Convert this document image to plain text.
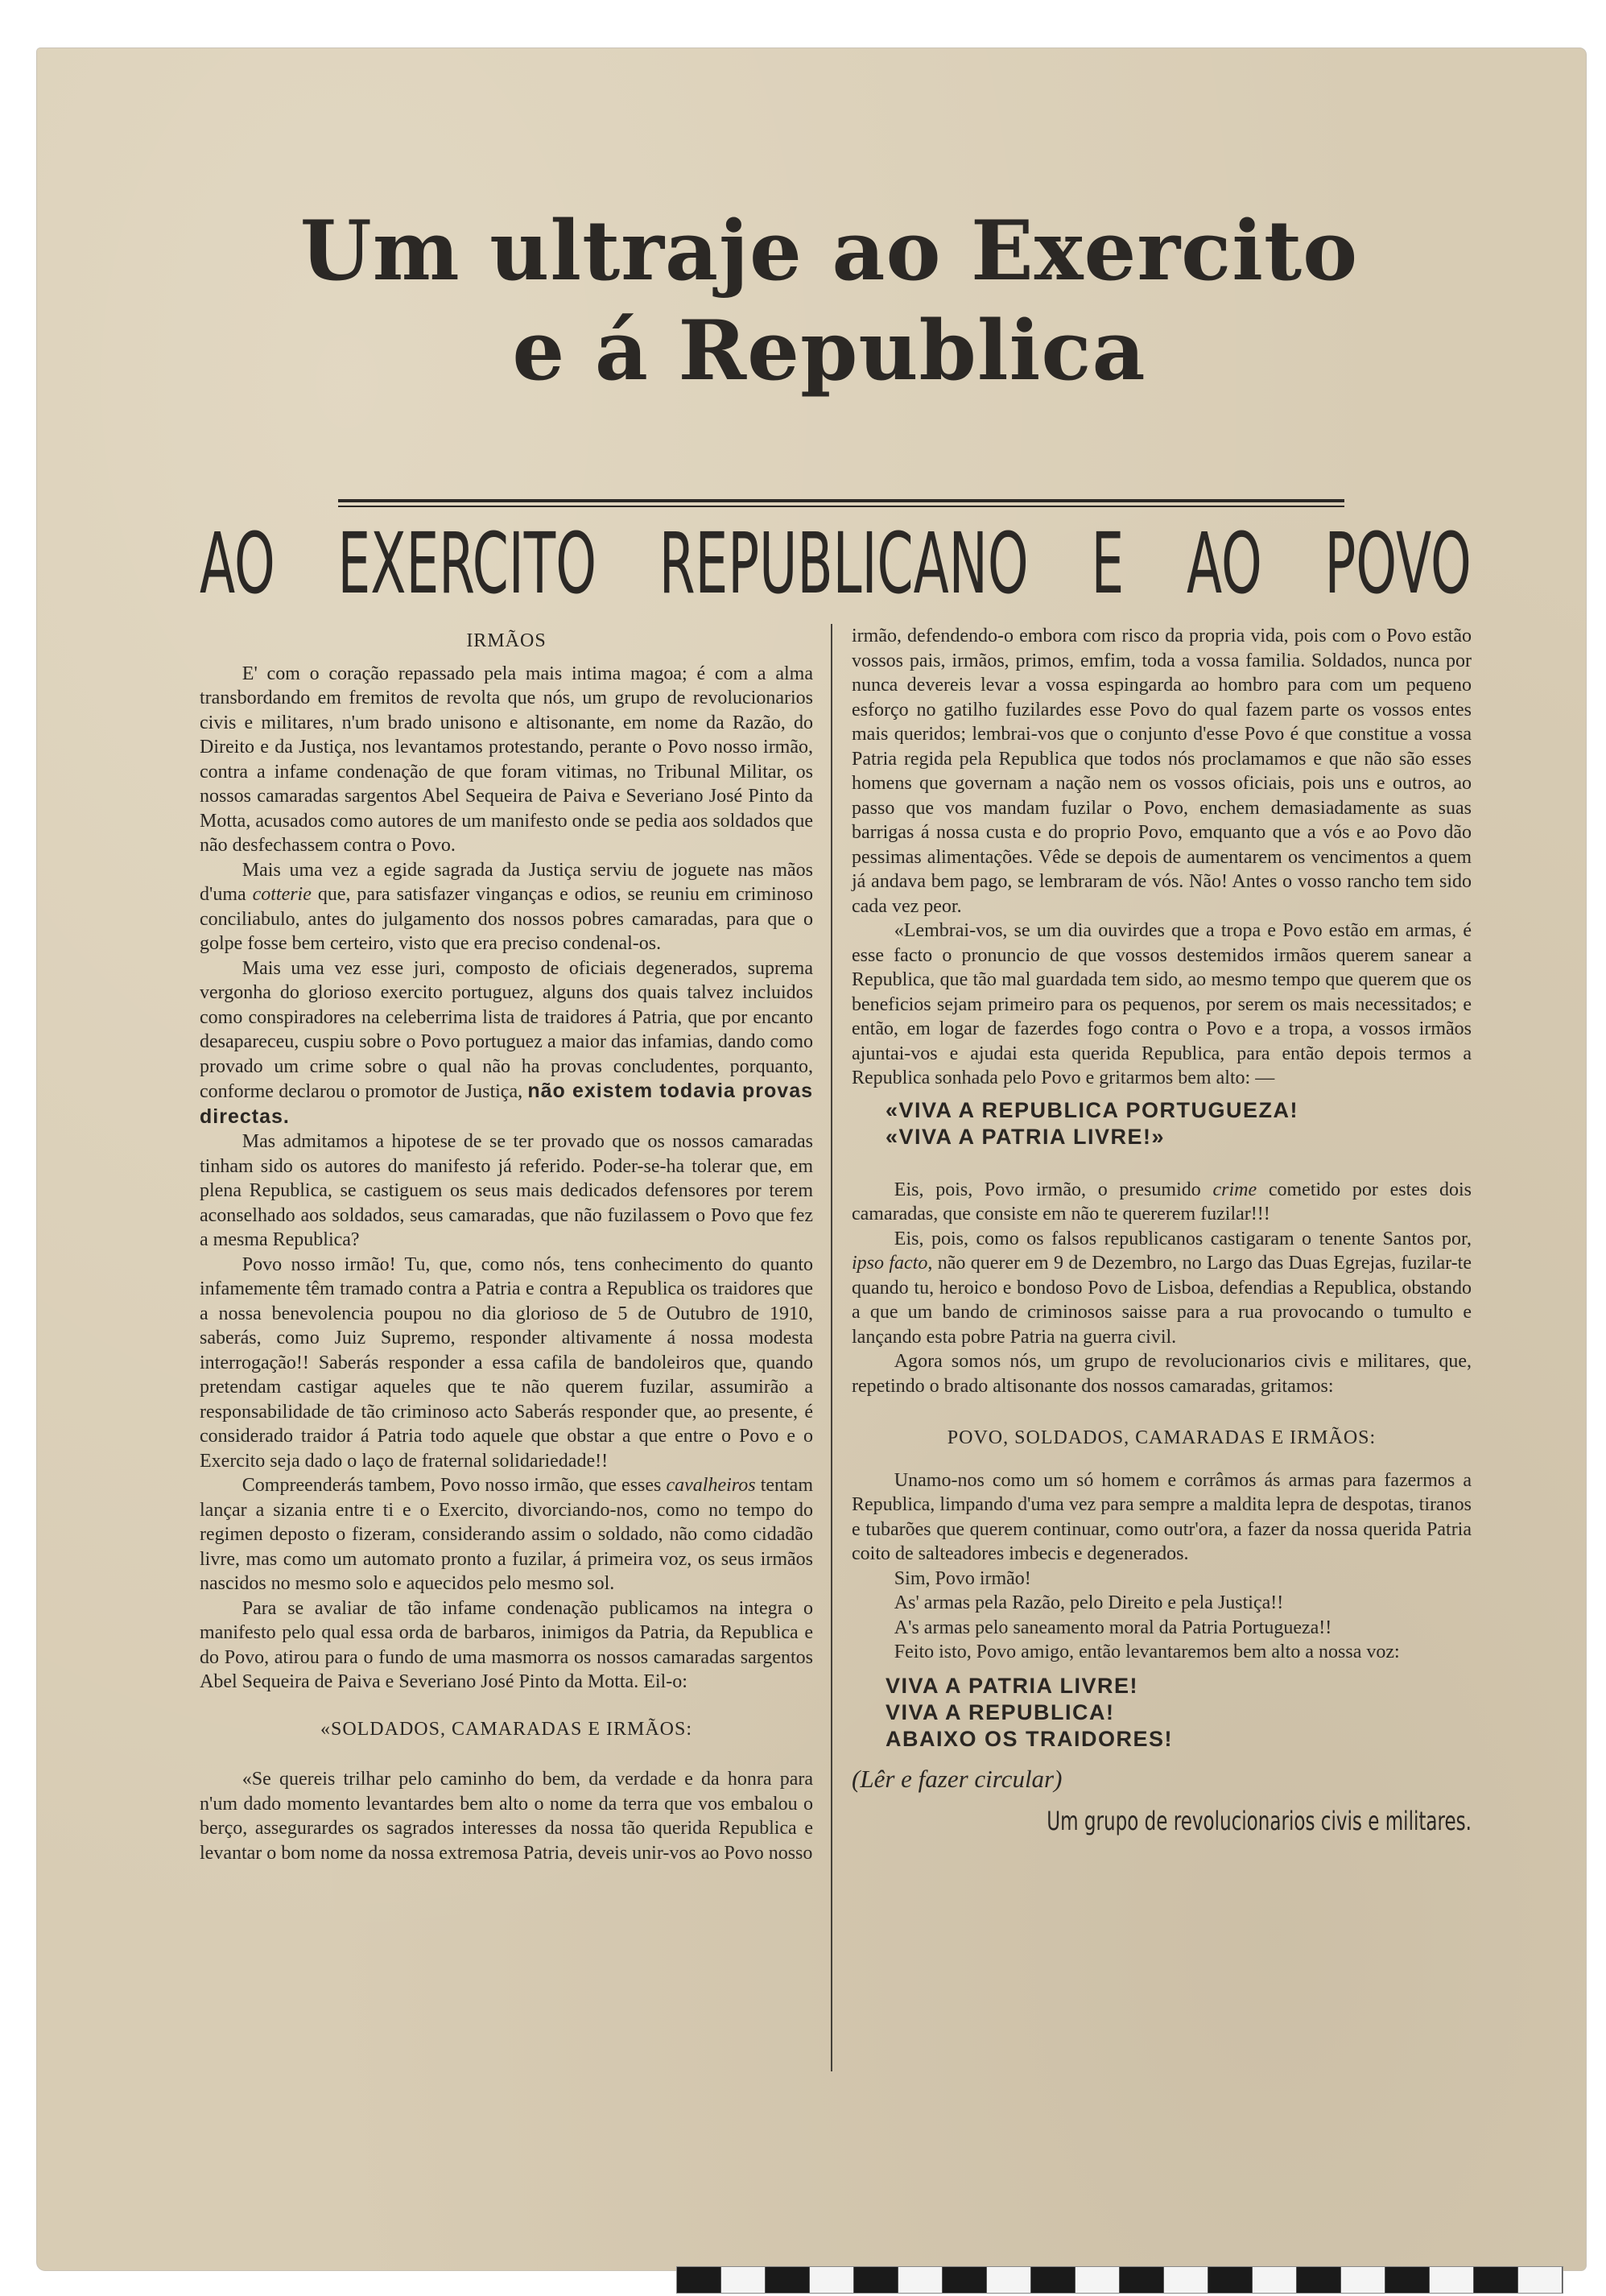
Um ultraje ao Exercito
e á Republica
AO EXERCITO REPUBLICANO E AO POVO

IRMÃOS

E' com o coração repassado pela mais intima magoa; é com a alma transbordando em fremitos de revolta que nós, um grupo de revolucionarios civis e militares, n'um brado unisono e altisonante, em nome da Razão, do Direito e da Justiça, nos levantamos protestando, perante o Povo nosso irmão, contra a infame condenação de que foram vitimas, no Tribunal Militar, os nossos camaradas sargentos Abel Sequeira de Paiva e Severiano José Pinto da Motta, acusados como autores de um manifesto onde se pedia aos soldados que não desfechassem contra o Povo.

Mais uma vez a egide sagrada da Justiça serviu de joguete nas mãos d'uma cotterie que, para satisfazer vinganças e odios, se reuniu em criminoso conciliabulo, antes do julgamento dos nossos pobres camaradas, para que o golpe fosse bem certeiro, visto que era preciso condenal-os.

Mais uma vez esse juri, composto de oficiais degenerados, suprema vergonha do glorioso exercito portuguez, alguns dos quais talvez incluidos como conspiradores na celeberrima lista de traidores á Patria, que por encanto desapareceu, cuspiu sobre o Povo portuguez a maior das infamias, dando como provado um crime sobre o qual não ha provas concludentes, porquanto, conforme declarou o promotor de Justiça, não existem todavia provas directas.

Mas admitamos a hipotese de se ter provado que os nossos camaradas tinham sido os autores do manifesto já referido. Poder-se-ha tolerar que, em plena Republica, se castiguem os seus mais dedicados defensores por terem aconselhado aos soldados, seus camaradas, que não fuzilassem o Povo que fez a mesma Republica?

Povo nosso irmão! Tu, que, como nós, tens conhecimento do quanto infamemente têm tramado contra a Patria e contra a Republica os traidores que a nossa benevolencia poupou no dia glorioso de 5 de Outubro de 1910, saberás, como Juiz Supremo, responder altivamente á nossa modesta interrogação!! Saberás responder a essa cafila de bandoleiros que, quando pretendam castigar aqueles que te não querem fuzilar, assumirão a responsabilidade de tão criminoso acto Saberás responder que, ao presente, é considerado traidor á Patria todo aquele que obstar a que entre o Povo e o Exercito seja dado o laço de fraternal solidariedade!!

Compreenderás tambem, Povo nosso irmão, que esses cavalheiros tentam lançar a sizania entre ti e o Exercito, divorciando-nos, como no tempo do regimen deposto o fizeram, considerando assim o soldado, não como cidadão livre, mas como um automato pronto a fuzilar, á primeira voz, os seus irmãos nascidos no mesmo solo e aquecidos pelo mesmo sol.

Para se avaliar de tão infame condenação publicamos na integra o manifesto pelo qual essa orda de barbaros, inimigos da Patria, da Republica e do Povo, atirou para o fundo de uma masmorra os nossos camaradas sargentos Abel Sequeira de Paiva e Severiano José Pinto da Motta. Eil-o:

«SOLDADOS, CAMARADAS E IRMÃOS:

«Se quereis trilhar pelo caminho do bem, da verdade e da honra para n'um dado momento levantardes bem alto o nome da terra que vos embalou o berço, assegurardes os sagrados interesses da nossa tão querida Republica e levantar o bom nome da nossa extremosa Patria, deveis unir-vos ao Povo nosso

irmão, defendendo-o embora com risco da propria vida, pois com o Povo estão vossos pais, irmãos, primos, emfim, toda a vossa familia. Soldados, nunca por nunca devereis levar a vossa espingarda ao hombro para com um pequeno esforço no gatilho fuzilardes esse Povo do qual fazem parte os vossos entes mais queridos; lembrai-vos que o conjunto d'esse Povo é que constitue a vossa Patria regida pela Republica que todos nós proclamamos e que não são esses homens que governam a nação nem os vossos oficiais, pois uns e outros, ao passo que vos mandam fuzilar o Povo, enchem demasiadamente as suas barrigas á nossa custa e do proprio Povo, emquanto que a vós e ao Povo dão pessimas alimentações. Vêde se depois de aumentarem os vencimentos a quem já andava bem pago, se lembraram de vós. Não! Antes o vosso rancho tem sido cada vez peor.

«Lembrai-vos, se um dia ouvirdes que a tropa e Povo estão em armas, é esse facto o pronuncio de que vossos destemidos irmãos querem sanear a Republica, que tão mal guardada tem sido, ao mesmo tempo que querem que os beneficios sejam primeiro para os pequenos, por serem os mais necessitados; e então, em logar de fazerdes fogo contra o Povo e a tropa, a vossos irmãos ajuntai-vos e ajudai esta querida Republica, para então depois termos a Republica sonhada pelo Povo e gritarmos bem alto: —

«VIVA A REPUBLICA PORTUGUEZA!

«VIVA A PATRIA LIVRE!»

Eis, pois, Povo irmão, o presumido crime cometido por estes dois camaradas, que consiste em não te quererem fuzilar!!!

Eis, pois, como os falsos republicanos castigaram o tenente Santos por, ipso facto, não querer em 9 de Dezembro, no Largo das Duas Egrejas, fuzilar-te quando tu, heroico e bondoso Povo de Lisboa, defendias a Republica, obstando a que um bando de criminosos saisse para a rua provocando o tumulto e lançando esta pobre Patria na guerra civil.

Agora somos nós, um grupo de revolucionarios civis e militares, que, repetindo o brado altisonante dos nossos camaradas, gritamos:

POVO, SOLDADOS, CAMARADAS E IRMÃOS:

Unamo-nos como um só homem e corrâmos ás armas para fazermos a Republica, limpando d'uma vez para sempre a maldita lepra de despotas, tiranos e tubarões que querem continuar, como outr'ora, a fazer da nossa querida Patria coito de salteadores imbecis e degenerados.

Sim, Povo irmão!

As' armas pela Razão, pelo Direito e pela Justiça!!

A's armas pelo saneamento moral da Patria Portugueza!!

Feito isto, Povo amigo, então levantaremos bem alto a nossa voz:

VIVA A PATRIA LIVRE!

VIVA A REPUBLICA!

ABAIXO OS TRAIDORES!

(Lêr e fazer circular)

Um grupo de revolucionarios civis e militares.
